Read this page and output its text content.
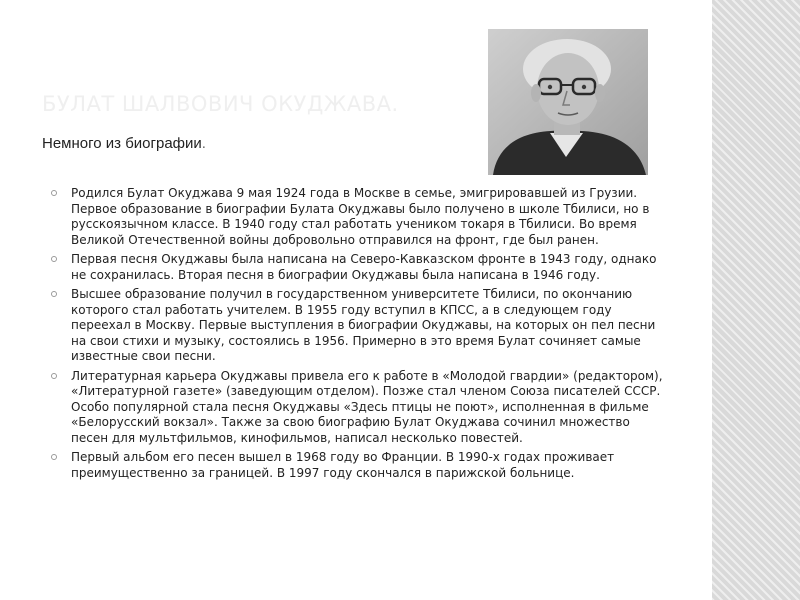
БУЛАТ ШАЛВОВИЧ ОКУДЖАВА.
Немного из биографии.
Родился Булат Окуджава 9 мая 1924 года в Москве в семье, эмигрировавшей из Грузии. Первое образование в биографии Булата Окуджавы было получено в школе Тбилиси, но в русскоязычном классе. В 1940 году стал работать учеником токаря в Тбилиси. Во время Великой Отечественной войны добровольно отправился на фронт, где был ранен.
Первая песня Окуджавы была написана на Северо-Кавказском фронте в 1943 году, однако не сохранилась. Вторая песня в биографии Окуджавы была написана в 1946 году.
Высшее образование получил в государственном университете Тбилиси, по окончанию которого стал работать учителем. В 1955 году вступил в КПСС, а в следующем году переехал в Москву. Первые выступления в биографии Окуджавы, на которых он пел песни на свои стихи и музыку, состоялись в 1956. Примерно в это время Булат сочиняет самые известные свои песни.
Литературная карьера Окуджавы привела его к работе в «Молодой гвардии» (редактором), «Литературной газете» (заведующим отделом). Позже стал членом Союза писателей СССР. Особо популярной стала песня Окуджавы «Здесь птицы не поют», исполненная в фильме «Белорусский вокзал». Также за свою биографию Булат Окуджава сочинил множество песен для мультфильмов, кинофильмов, написал несколько повестей.
Первый альбом его песен вышел в 1968 году во Франции. В 1990-х годах проживает преимущественно за границей. В 1997 году скончался в парижской больнице.
